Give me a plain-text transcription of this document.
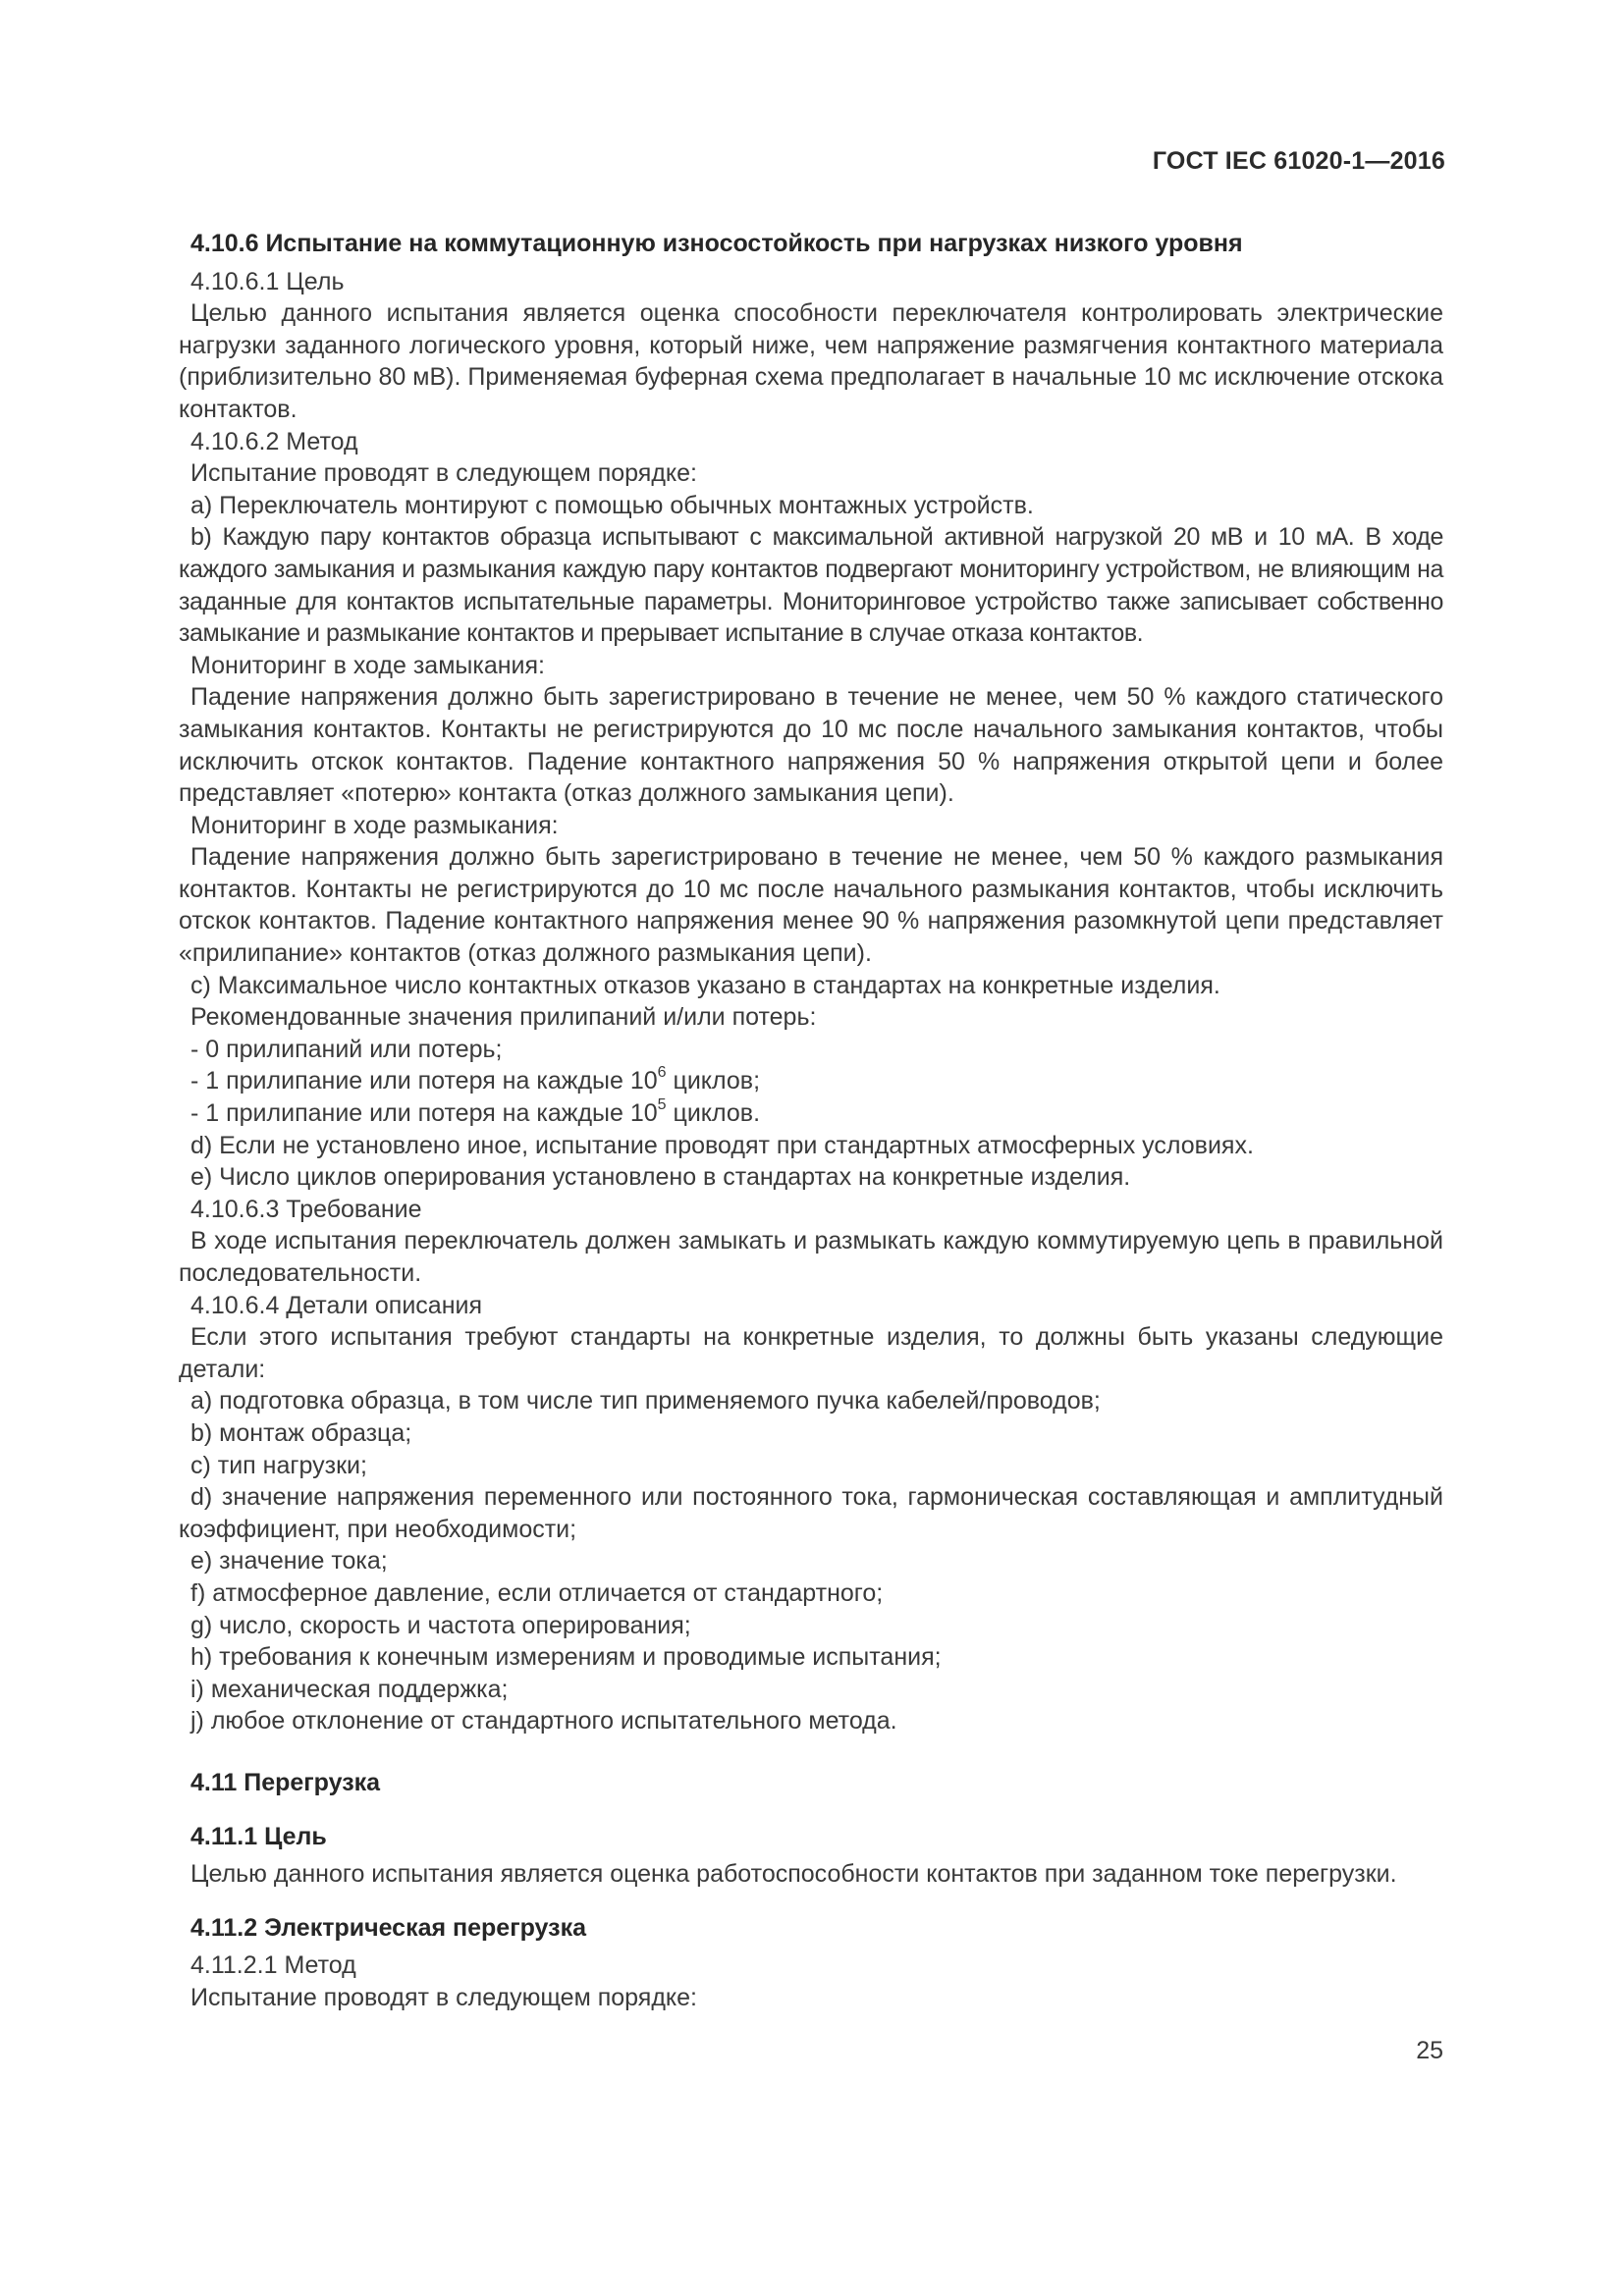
ГОСТ IEC 61020-1—2016

4.10.6 Испытание на коммутационную износостойкость при нагрузках низкого уровня

4.10.6.1 Цель

Целью данного испытания является оценка способности переключателя контролировать электрические нагрузки заданного логического уровня, который ниже, чем напряжение размягчения контактного материала (приблизительно 80 мВ). Применяемая буферная схема предполагает в начальные 10 мс исключение отскока контактов.

4.10.6.2 Метод

Испытание проводят в следующем порядке:

а) Переключатель монтируют с помощью обычных монтажных устройств.

b) Каждую пару контактов образца испытывают с максимальной активной нагрузкой 20 мВ и 10 мА. В ходе каждого замыкания и размыкания каждую пару контактов подвергают мониторингу устройством, не влияющим на заданные для контактов испытательные параметры. Мониторинговое устройство также записывает собственно замыкание и размыкание контактов и прерывает испытание в случае отказа контактов.

Мониторинг в ходе замыкания:

Падение напряжения должно быть зарегистрировано в течение не менее, чем 50 % каждого статического замыкания контактов. Контакты не регистрируются до 10 мс после начального замыкания контактов, чтобы исключить отскок контактов. Падение контактного напряжения 50 % напряжения открытой цепи и более представляет «потерю» контакта (отказ должного замыкания цепи).

Мониторинг в ходе размыкания:

Падение напряжения должно быть зарегистрировано в течение не менее, чем 50 % каждого размыкания контактов. Контакты не регистрируются до 10 мс после начального размыкания контактов, чтобы исключить отскок контактов. Падение контактного напряжения менее 90 % напряжения разомкнутой цепи представляет «прилипание» контактов (отказ должного размыкания цепи).

c) Максимальное число контактных отказов указано в стандартах на конкретные изделия.

Рекомендованные значения прилипаний и/или потерь:

- 0 прилипаний или потерь;

- 1 прилипание или потеря на каждые $10^6$ циклов;

- 1 прилипание или потеря на каждые $10^5$ циклов.

d) Если не установлено иное, испытание проводят при стандартных атмосферных условиях.

e) Число циклов оперирования установлено в стандартах на конкретные изделия.

4.10.6.3 Требование

В ходе испытания переключатель должен замыкать и размыкать каждую коммутируемую цепь в правильной последовательности.

4.10.6.4 Детали описания

Если этого испытания требуют стандарты на конкретные изделия, то должны быть указаны следующие детали:

a) подготовка образца, в том числе тип применяемого пучка кабелей/проводов;

b) монтаж образца;

c) тип нагрузки;

d) значение напряжения переменного или постоянного тока, гармоническая составляющая и амплитудный коэффициент, при необходимости;

e) значение тока;

f) атмосферное давление, если отличается от стандартного;

g) число, скорость и частота оперирования;

h) требования к конечным измерениям и проводимые испытания;

i) механическая поддержка;

j) любое отклонение от стандартного испытательного метода.

4.11 Перегрузка

4.11.1 Цель

Целью данного испытания является оценка работоспособности контактов при заданном токе перегрузки.

4.11.2 Электрическая перегрузка

4.11.2.1 Метод

Испытание проводят в следующем порядке:

25
